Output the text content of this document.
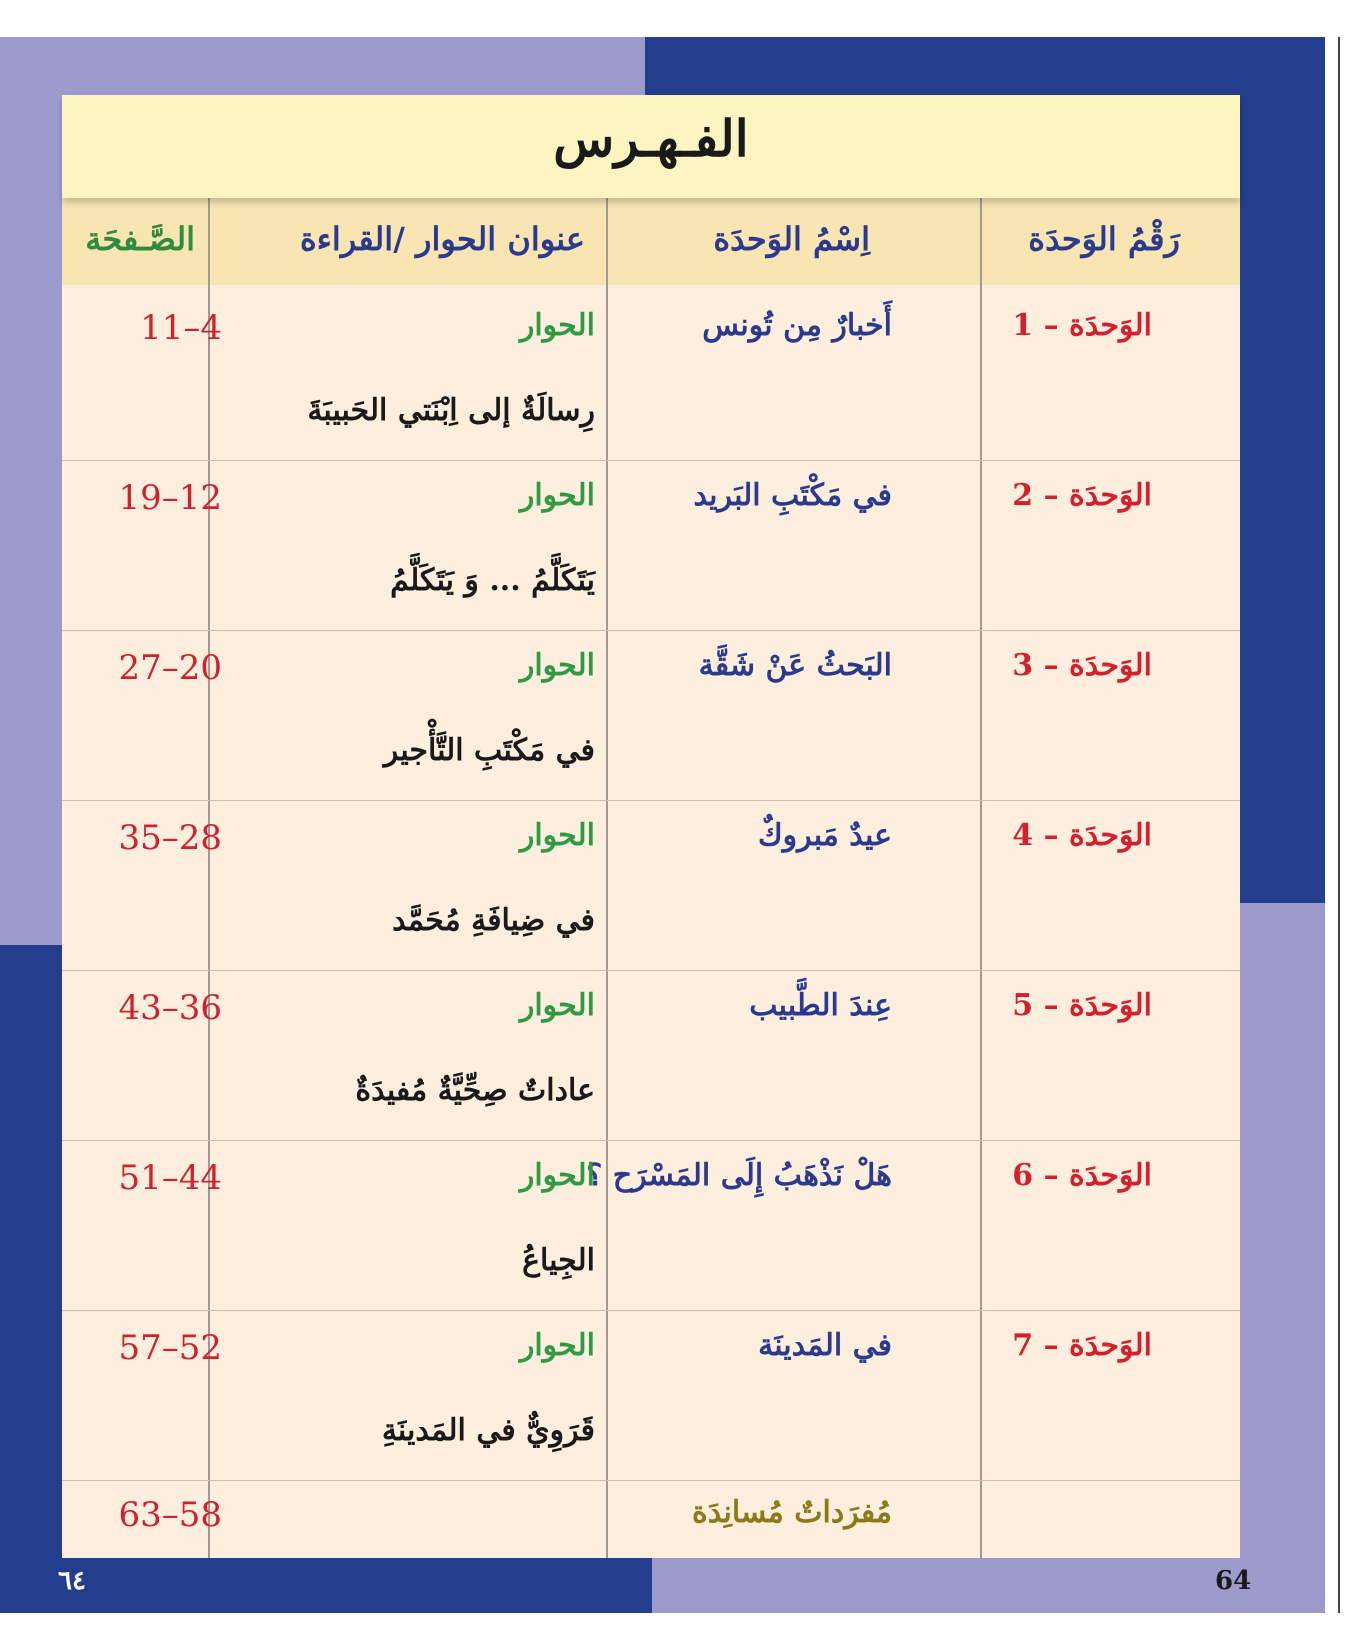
الفـهـرس
رَقْمُ الوَحدَة
اِسْمُ الوَحدَة
عنوان الحوار /القراءة
الصَّـفحَة
الوَحدَة – 1
أَخبارٌ مِن تُونس
الحوار
رِسالَةٌ إلى اِبْنَتي الحَبيبَةَ
11–4
الوَحدَة – 2
في مَكْتَبِ البَريد
الحوار
يَتَكَلَّمُ ... وَ يَتَكَلَّمُ
19–12
الوَحدَة – 3
البَحثُ عَنْ شَقَّة
الحوار
في مَكْتَبِ التَّأْجير
27–20
الوَحدَة – 4
عيدٌ مَبروكٌ
الحوار
في ضِيافَةِ مُحَمَّد
35–28
الوَحدَة – 5
عِندَ الطَّبيب
الحوار
عاداتٌ صِحِّيَّةٌ مُفيدَةٌ
43–36
الوَحدَة – 6
هَلْ نَذْهَبُ إِلَى المَسْرَح ؟
الحوار
الجِياعُ
51–44
الوَحدَة – 7
في المَدينَة
الحوار
قَرَوِيٌّ في المَدينَةِ
57–52
مُفرَداتٌ مُسانِدَة
63–58
٦٤	64
